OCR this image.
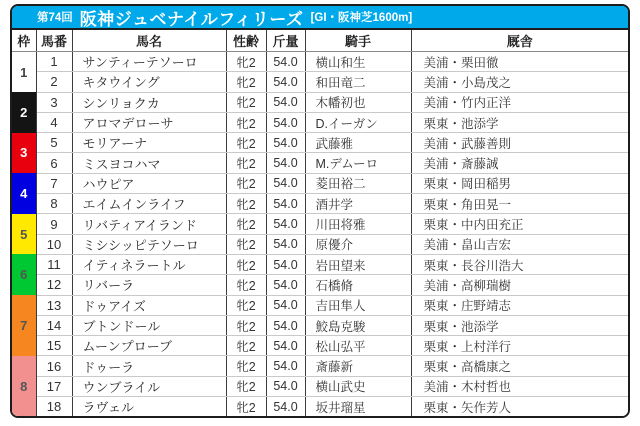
第74回 阪神ジュベナイルフィリーズ [GI・阪神芝1600m]
枠	馬番	馬名	性齢	斤量	騎手	厩舎
1	1	サンティーテソーロ	牝2	54.0	横山和生	美浦・栗田徹
	2	キタウイング	牝2	54.0	和田竜二	美浦・小島茂之
2	3	シンリョクカ	牝2	54.0	木幡初也	美浦・竹内正洋
	4	アロマデローサ	牝2	54.0	D.イーガン	栗東・池添学
3	5	モリアーナ	牝2	54.0	武藤雅	美浦・武藤善則
	6	ミスヨコハマ	牝2	54.0	M.デムーロ	美浦・斎藤誠
4	7	ハウピア	牝2	54.0	菱田裕二	栗東・岡田稲男
	8	エイムインライフ	牝2	54.0	酒井学	栗東・角田晃一
5	9	リバティアイランド	牝2	54.0	川田将雅	栗東・中内田充正
	10	ミシシッピテソーロ	牝2	54.0	原優介	美浦・畠山吉宏
6	11	イティネラートル	牝2	54.0	岩田望来	栗東・長谷川浩大
	12	リバーラ	牝2	54.0	石橋脩	美浦・高柳瑞樹
7	13	ドゥアイズ	牝2	54.0	吉田隼人	栗東・庄野靖志
	14	ブトンドール	牝2	54.0	鮫島克駿	栗東・池添学
	15	ムーンプローブ	牝2	54.0	松山弘平	栗東・上村洋行
8	16	ドゥーラ	牝2	54.0	斎藤新	栗東・高橋康之
	17	ウンブライル	牝2	54.0	横山武史	美浦・木村哲也
	18	ラヴェル	牝2	54.0	坂井瑠星	栗東・矢作芳人
